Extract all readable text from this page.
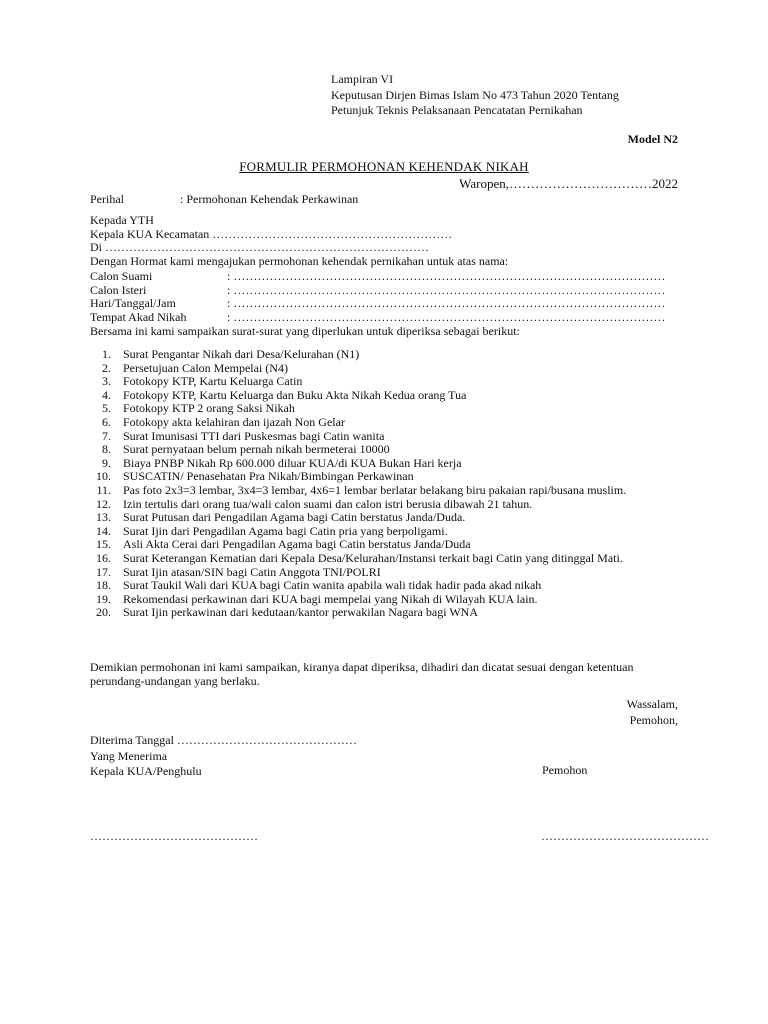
Lampiran VI
Keputusan Dirjen Bimas Islam No 473 Tahun 2020 Tentang
Petunjuk Teknis Pelaksanaan Pencatatan Pernikahan
Model N2
FORMULIR PERMOHONAN KEHENDAK NIKAH
Waropen,……………………………2022
Perihal	: Permohonan Kehendak Perkawinan
Kepada YTH
Kepala KUA Kecamatan ……………………………………………………
Di ………………………………………………………………………
Dengan Hormat kami mengajukan permohonan kehendak pernikahan untuk atas nama:
Calon Suami	: ………………………………………………………………………………………………
Calon Isteri	: ………………………………………………………………………………………………
Hari/Tanggal/Jam	: ………………………………………………………………………………………………
Tempat Akad Nikah	: ………………………………………………………………………………………………
Bersama ini kami sampaikan surat-surat yang diperlukan untuk diperiksa sebagai berikut:
1.	Surat Pengantar Nikah dari Desa/Kelurahan (N1)
2.	Persetujuan Calon Mempelai (N4)
3.	Fotokopy KTP, Kartu Keluarga Catin
4.	Fotokopy KTP, Kartu Keluarga dan Buku Akta Nikah Kedua orang Tua
5.	Fotokopy KTP 2 orang Saksi Nikah
6.	Fotokopy akta kelahiran dan ijazah Non Gelar
7.	Surat Imunisasi TTI dari Puskesmas bagi Catin wanita
8.	Surat pernyataan belum pernah nikah bermeterai 10000
9.	Biaya PNBP Nikah Rp 600.000 diluar KUA/di KUA Bukan Hari kerja
10.	SUSCATIN/ Penasehatan Pra Nikah/Bimbingan Perkawinan
11.	Pas foto 2x3=3 lembar, 3x4=3 lembar, 4x6=1 lembar berlatar belakang biru pakaian rapi/busana muslim.
12.	Izin tertulis dari orang tua/wali calon suami dan calon istri berusia dibawah 21 tahun.
13.	Surat Putusan dari Pengadilan Agama bagi Catin berstatus Janda/Duda.
14.	Surat Ijin dari Pengadilan Agama bagi Catin pria yang berpoligami.
15.	Asli Akta Cerai dari Pengadilan Agama bagi Catin berstatus Janda/Duda
16.	Surat Keterangan Kematian dari Kepala Desa/Kelurahan/Instansi terkait bagi Catin yang ditinggal Mati.
17.	Surat Ijin atasan/SIN bagi Catin Anggota TNI/POLRI
18.	Surat Taukil Wali dari KUA bagi Catin wanita apabila wali tidak hadir pada akad nikah
19.	Rekomendasi perkawinan dari KUA bagi mempelai yang Nikah di Wilayah KUA lain.
20.	Surat Ijin perkawinan dari kedutaan/kantor perwakilan Nagara bagi WNA
Demikian permohonan ini kami sampaikan, kiranya dapat diperiksa, dihadiri dan dicatat sesuai dengan ketentuan perundang-undangan yang berlaku.
Wassalam,
Pemohon,
Diterima Tanggal ………………………………………
Yang Menerima
Kepala KUA/Penghulu	Pemohon
……………………………………	……………………………………
